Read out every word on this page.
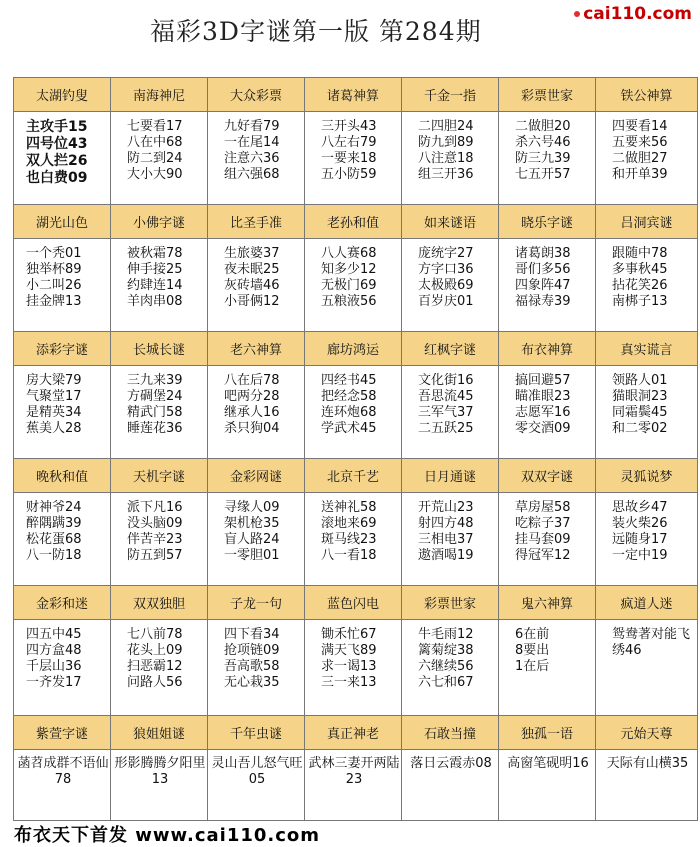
福彩3D字谜第一版 第284期
cai110.com
太湖钓叟	南海神尼	大众彩票	诸葛神算	千金一指	彩票世家	铁公神算

主攻手15
四号位43
双人拦26
也白费09	七要看17
八在中68
防二到24
大小大90	九好看79
一在尾14
注意六36
组六强68	三开头43
八左右79
一要来18
五小防59	二四胆24
防九到89
八注意18
组三开36	二做胆20
杀六号46
防三九39
七五开57	四要看14
五要来56
二做胆27
和开单39

湖光山色	小佛字谜	比圣手准	老孙和值	如来谜语	晓乐字谜	吕洞宾谜

一个秃01
独举杯89
小二叫26
挂金牌13	被秋霜78
伸手接25
约肆连14
羊肉串08	生旅婆37
夜未眠25
灰砖墙46
小哥俩12	八人赛68
知多少12
无极门69
五粮液56	庞统字27
方字口36
太极殿69
百岁庆01	诸葛朗38
哥们多56
四象阵47
福禄寿39	跟随中78
多事秋45
拈花笑26
南梆子13

添彩字谜	长城长谜	老六神算	廊坊鸿运	红枫字谜	布衣神算	真实谎言

房大梁79
气聚堂17
是精英34
蕉美人28	三九来39
方碉堡24
精武门58
睡莲花36	八在后78
吧两分28
继承人16
杀只狗04	四经书45
把经念58
连环炮68
学武术45	文化街16
吾思流45
三军气37
二五跃25	搞回避57
瞄准眼23
志愿军16
零交酒09	领路人01
猫眼洞23
同霜鬓45
和二零02

晚秋和值	天机字谜	金彩网谜	北京千艺	日月通谜	双双字谜	灵狐说梦

财神爷24
醉隅蹒39
松花蛋68
八一防18	派下凡16
没头脑09
伴苦辛23
防五到57	寻缘人09
架机枪35
盲人路24
一零胆01	送神礼58
滚地来69
斑马线23
八一看18	开荒山23
射四方48
三相电37
遨酒喝19	草房屋58
吃粽子37
挂马套09
得冠军12	思故乡47
装火柴26
远随身17
一定中19

金彩和迷	双双独胆	子龙一句	蓝色闪电	彩票世家	鬼六神算	疯道人迷

四五中45
四方盒48
千层山36
一齐发17	七八前78
花头上09
扫恶霸12
问路人56	四下看34
抢项链09
吾高歌58
无心栽35	锄禾忙67
满天飞89
求一谒13
三一来13	牛毛雨12
篱菊绽38
六继续56
六七和67	6在前
8要出
1在后	鸳鸯著对能飞绣46

紫萱字谜	狼姐姐谜	千年虫谜	真正神老	石敢当撞	独孤一语	元始天尊

菡苕成群不语仙78	形影腾腾夕阳里13	灵山吾儿怒气旺05	武林三妻开两陆23	落日云霞赤08	高窗笔砚明16	天际有山横35
布衣天下首发 www.cai110.com
